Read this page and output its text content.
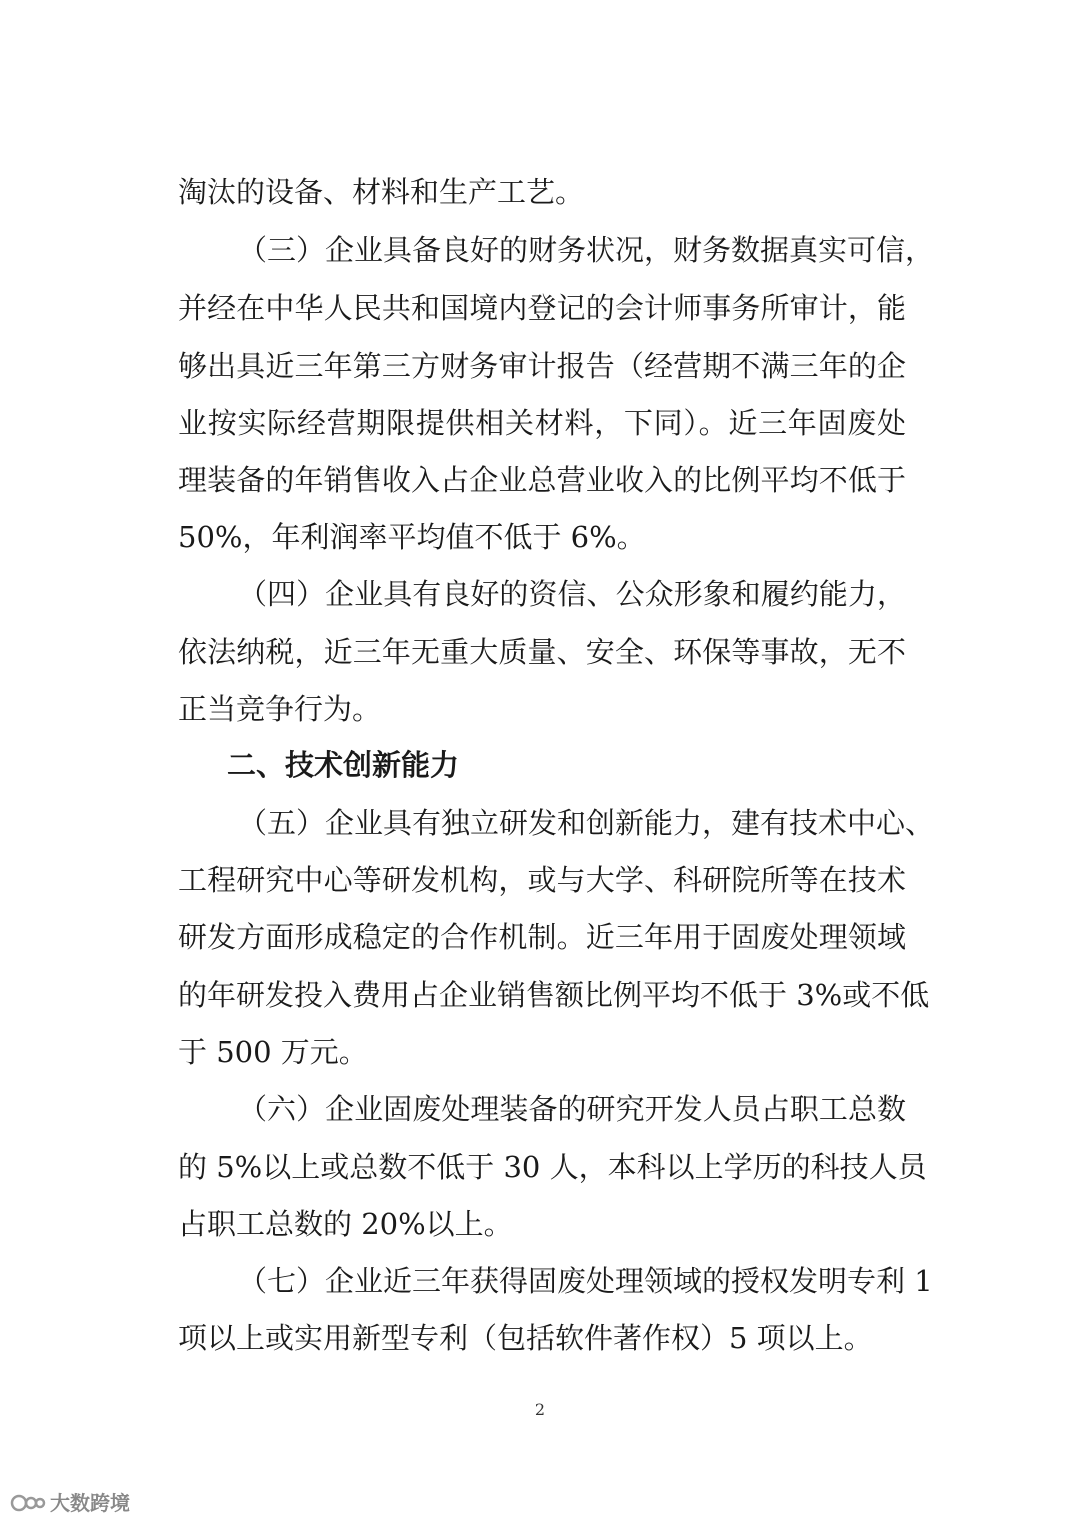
淘汰的设备、材料和生产工艺。
（三）企业具备良好的财务状况，财务数据真实可信，
并经在中华人民共和国境内登记的会计师事务所审计，能
够出具近三年第三方财务审计报告（经营期不满三年的企
业按实际经营期限提供相关材料，下同）。近三年固废处
理装备的年销售收入占企业总营业收入的比例平均不低于
50%，年利润率平均值不低于 6%。
（四）企业具有良好的资信、公众形象和履约能力，
依法纳税，近三年无重大质量、安全、环保等事故，无不
正当竞争行为。
二、技术创新能力
（五）企业具有独立研发和创新能力，建有技术中心、
工程研究中心等研发机构，或与大学、科研院所等在技术
研发方面形成稳定的合作机制。近三年用于固废处理领域
的年研发投入费用占企业销售额比例平均不低于 3%或不低
于 500 万元。
（六）企业固废处理装备的研究开发人员占职工总数
的 5%以上或总数不低于 30 人，本科以上学历的科技人员
占职工总数的 20%以上。
（七）企业近三年获得固废处理领域的授权发明专利 1
项以上或实用新型专利（包括软件著作权）5 项以上。
2
大数跨境
